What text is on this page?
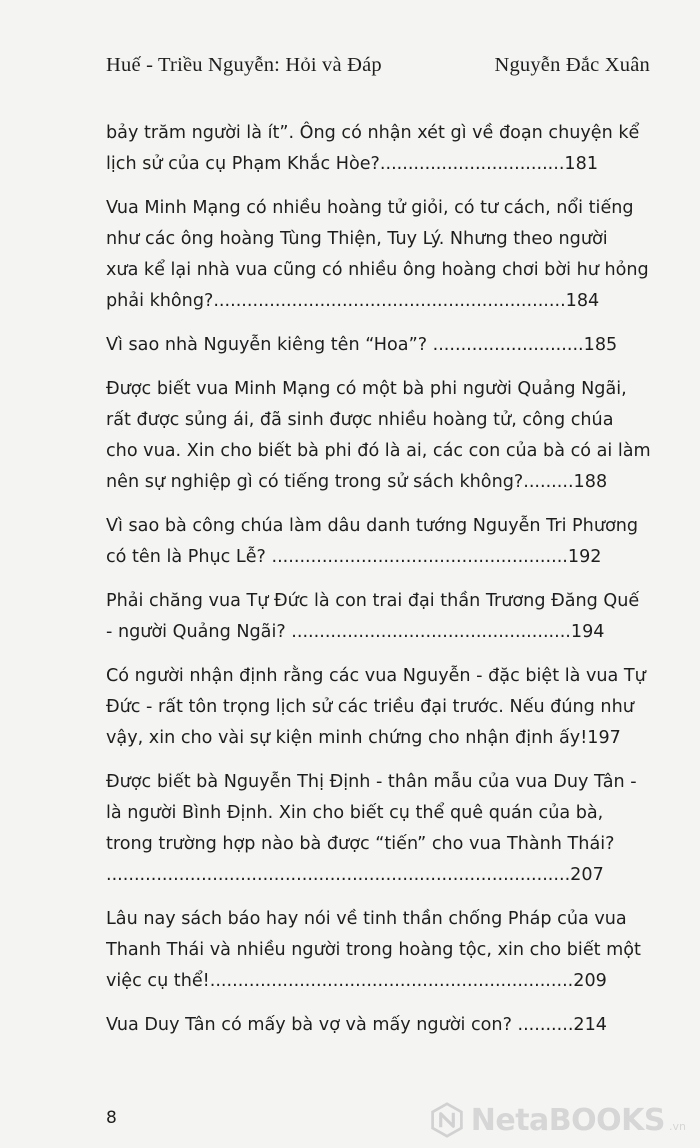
Huế - Triều Nguyễn: Hỏi và Đáp	Nguyễn Đắc Xuân
bảy trăm người là ít”. Ông có nhận xét gì về đoạn chuyện kể
lịch sử của cụ Phạm Khắc Hòe?.................................181
Vua Minh Mạng có nhiều hoàng tử giỏi, có tư cách, nổi tiếng
như các ông hoàng Tùng Thiện, Tuy Lý. Nhưng theo người
xưa kể lại nhà vua cũng có nhiều ông hoàng chơi bời hư hỏng
phải không?...............................................................184
Vì sao nhà Nguyễn kiêng tên “Hoa”? ...........................185
Được biết vua Minh Mạng có một bà phi người Quảng Ngãi,
rất được sủng ái, đã sinh được nhiều hoàng tử, công chúa
cho vua. Xin cho biết bà phi đó là ai, các con của bà có ai làm
nên sự nghiệp gì có tiếng trong sử sách không?.........188
Vì sao bà công chúa làm dâu danh tướng Nguyễn Tri Phương
có tên là Phục Lễ? .....................................................192
Phải chăng vua Tự Đức là con trai đại thần Trương Đăng Quế
- người Quảng Ngãi? ..................................................194
Có người nhận định rằng các vua Nguyễn - đặc biệt là vua Tự
Đức - rất tôn trọng lịch sử các triều đại trước. Nếu đúng như
vậy, xin cho vài sự kiện minh chứng cho nhận định ấy!197
Được biết bà Nguyễn Thị Định - thân mẫu của vua Duy Tân -
là người Bình Định. Xin cho biết cụ thể quê quán của bà,
trong trường hợp nào bà được “tiến” cho vua Thành Thái?
...................................................................................207
Lâu nay sách báo hay nói về tinh thần chống Pháp của vua
Thanh Thái và nhiều người trong hoàng tộc, xin cho biết một
việc cụ thể!.................................................................209
Vua Duy Tân có mấy bà vợ và mấy người con? ..........214
8	NetaBOOKS .vn
